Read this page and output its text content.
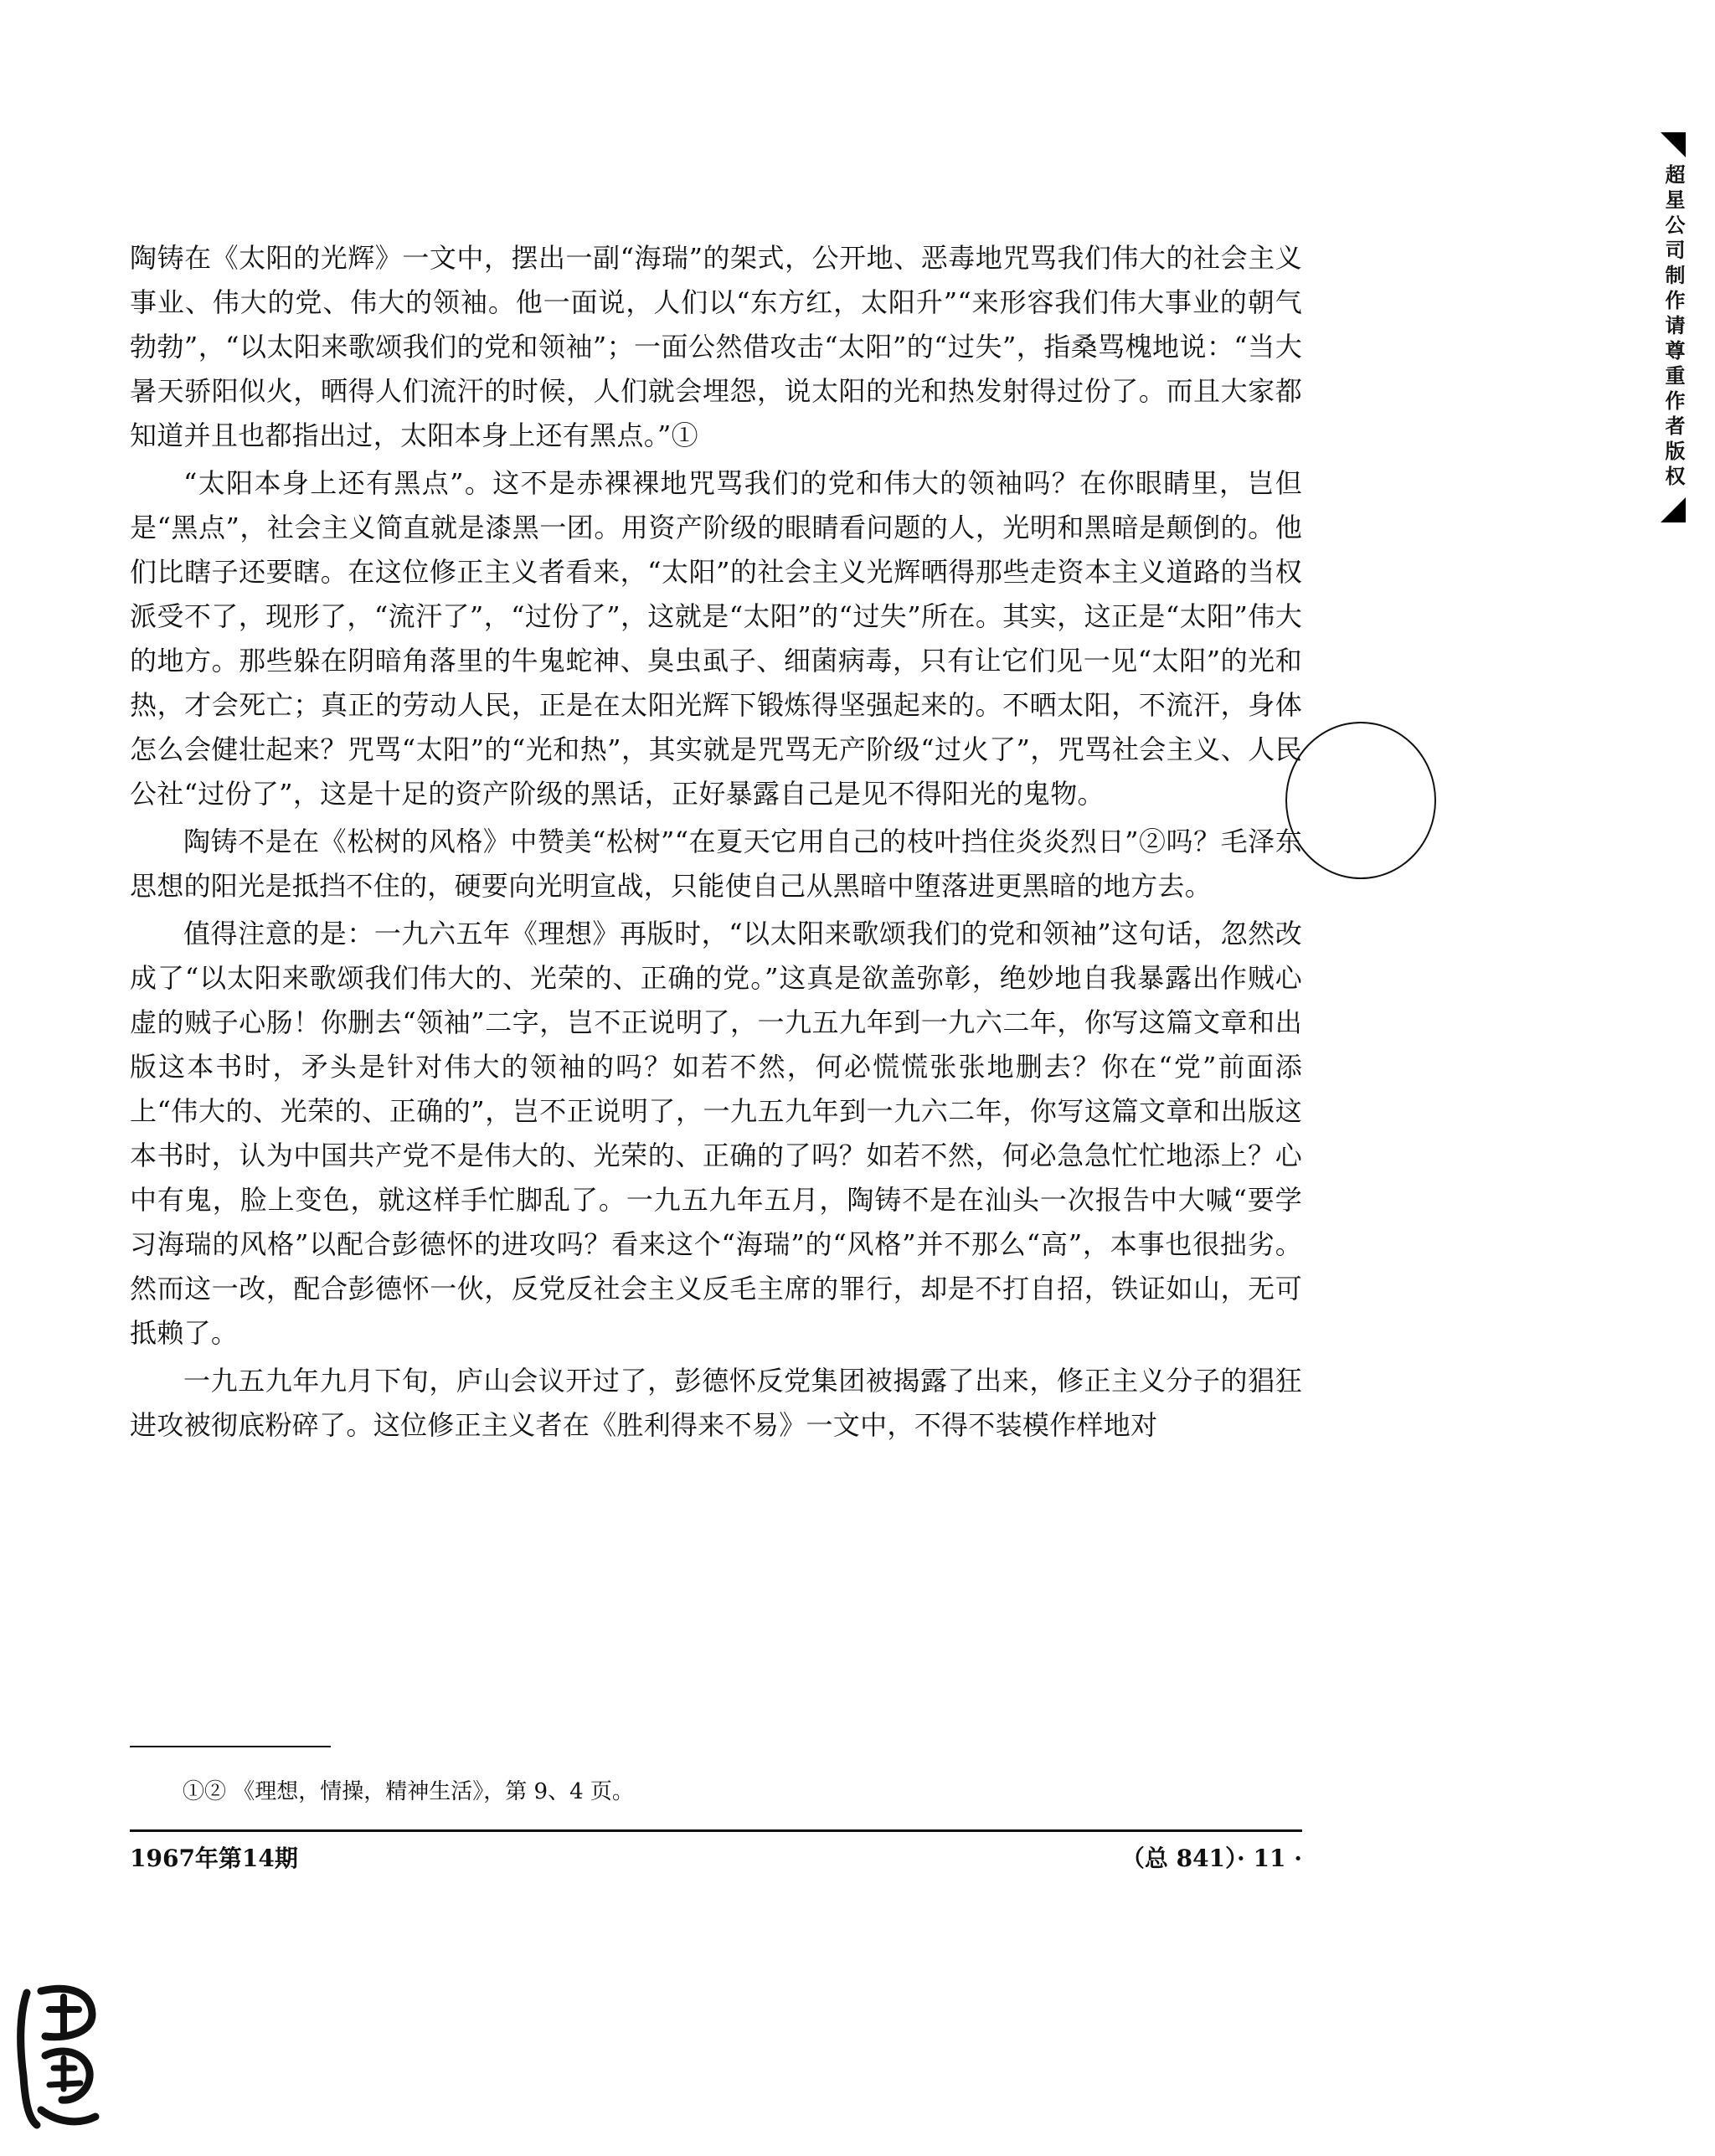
陶铸在《太阳的光辉》一文中，摆出一副“海瑞”的架式，公开地、恶毒地咒骂我们伟大的社会主义事业、伟大的党、伟大的领袖。他一面说，人们以“东方红，太阳升”“来形容我们伟大事业的朝气勃勃”，“以太阳来歌颂我们的党和领袖”；一面公然借攻击“太阳”的“过失”，指桑骂槐地说：“当大暑天骄阳似火，晒得人们流汗的时候，人们就会埋怨，说太阳的光和热发射得过份了。而且大家都知道并且也都指出过，太阳本身上还有黑点。”①

“太阳本身上还有黑点”。这不是赤裸裸地咒骂我们的党和伟大的领袖吗？在你眼睛里，岂但是“黑点”，社会主义简直就是漆黑一团。用资产阶级的眼睛看问题的人，光明和黑暗是颠倒的。他们比瞎子还要瞎。在这位修正主义者看来，“太阳”的社会主义光辉晒得那些走资本主义道路的当权派受不了，现形了，“流汗了”，“过份了”，这就是“太阳”的“过失”所在。其实，这正是“太阳”伟大的地方。那些躲在阴暗角落里的牛鬼蛇神、臭虫虱子、细菌病毒，只有让它们见一见“太阳”的光和热，才会死亡；真正的劳动人民，正是在太阳光辉下锻炼得坚强起来的。不晒太阳，不流汗，身体怎么会健壮起来？咒骂“太阳”的“光和热”，其实就是咒骂无产阶级“过火了”，咒骂社会主义、人民公社“过份了”，这是十足的资产阶级的黑话，正好暴露自己是见不得阳光的鬼物。

陶铸不是在《松树的风格》中赞美“松树”“在夏天它用自己的枝叶挡住炎炎烈日”②吗？毛泽东思想的阳光是抵挡不住的，硬要向光明宣战，只能使自己从黑暗中堕落进更黑暗的地方去。

值得注意的是：一九六五年《理想》再版时，“以太阳来歌颂我们的党和领袖”这句话，忽然改成了“以太阳来歌颂我们伟大的、光荣的、正确的党。”这真是欲盖弥彰，绝妙地自我暴露出作贼心虚的贼子心肠！你删去“领袖”二字，岂不正说明了，一九五九年到一九六二年，你写这篇文章和出版这本书时，矛头是针对伟大的领袖的吗？如若不然，何必慌慌张张地删去？你在“党”前面添上“伟大的、光荣的、正确的”，岂不正说明了，一九五九年到一九六二年，你写这篇文章和出版这本书时，认为中国共产党不是伟大的、光荣的、正确的了吗？如若不然，何必急急忙忙地添上？心中有鬼，脸上变色，就这样手忙脚乱了。一九五九年五月，陶铸不是在汕头一次报告中大喊“要学习海瑞的风格”以配合彭德怀的进攻吗？看来这个“海瑞”的“风格”并不那么“高”，本事也很拙劣。然而这一改，配合彭德怀一伙，反党反社会主义反毛主席的罪行，却是不打自招，铁证如山，无可抵赖了。

一九五九年九月下旬，庐山会议开过了，彭德怀反党集团被揭露了出来，修正主义分子的猖狂进攻被彻底粉碎了。这位修正主义者在《胜利得来不易》一文中，不得不装模作样地对

①② 《理想，情操，精神生活》，第 9、4 页。
1967年第14期	（总 841）· 11 ·
超星公司制作请尊重作者版权
